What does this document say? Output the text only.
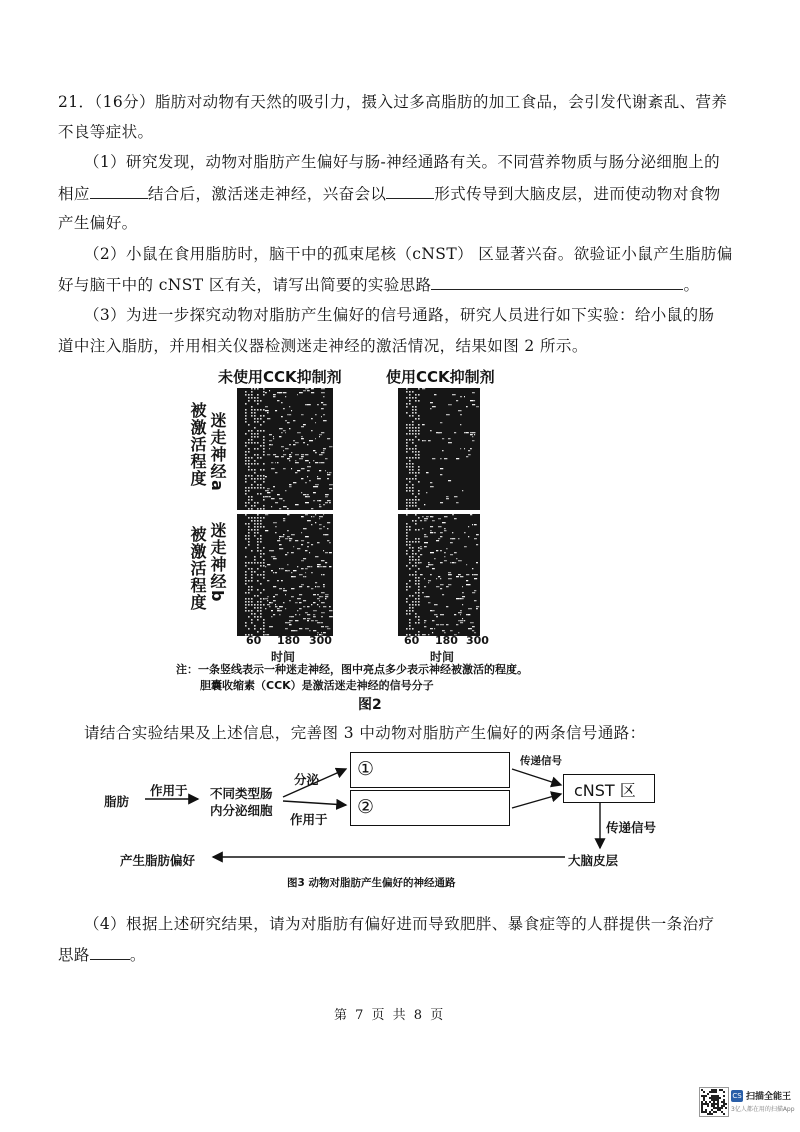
21．（16分）脂肪对动物有天然的吸引力，摄入过多高脂肪的加工食品，会引发代谢紊乱、营养
不良等症状。
（1）研究发现，动物对脂肪产生偏好与肠-神经通路有关。不同营养物质与肠分泌细胞上的
相应	结合后，激活迷走神经，兴奋会以	形式传导到大脑皮层，进而使动物对食物
产生偏好。
（2）小鼠在食用脂肪时，脑干中的孤束尾核（cNST） 区显著兴奋。欲验证小鼠产生脂肪偏
好与脑干中的 cNST 区有关，请写出简要的实验思路	。
（3）为进一步探究动物对脂肪产生偏好的信号通路，研究人员进行如下实验：给小鼠的肠
道中注入脂肪，并用相关仪器检测迷走神经的激活情况，结果如图 2 所示。
未使用CCK抑制剂	使用CCK抑制剂
被激活程度 迷走神经a
被激活程度 迷走神经b
60 180 300
时间
60 180 300
时间
注：一条竖线表示一种迷走神经，图中亮点多少表示神经被激活的程度。
胆囊收缩素（CCK）是激活迷走神经的信号分子
图2
请结合实验结果及上述信息，完善图 3 中动物对脂肪产生偏好的两条信号通路：
脂肪
作用于 不同类型肠
内分泌细胞
分泌
作用于
①
②
传递信号
cNST 区
传递信号
大脑皮层
产生脂肪偏好
图3 动物对脂肪产生偏好的神经通路
（4）根据上述研究结果，请为对脂肪有偏好进而导致肥胖、暴食症等的人群提供一条治疗
思路	。
第 7 页 共 8 页
CS 扫描全能王
3亿人都在用的扫描App
